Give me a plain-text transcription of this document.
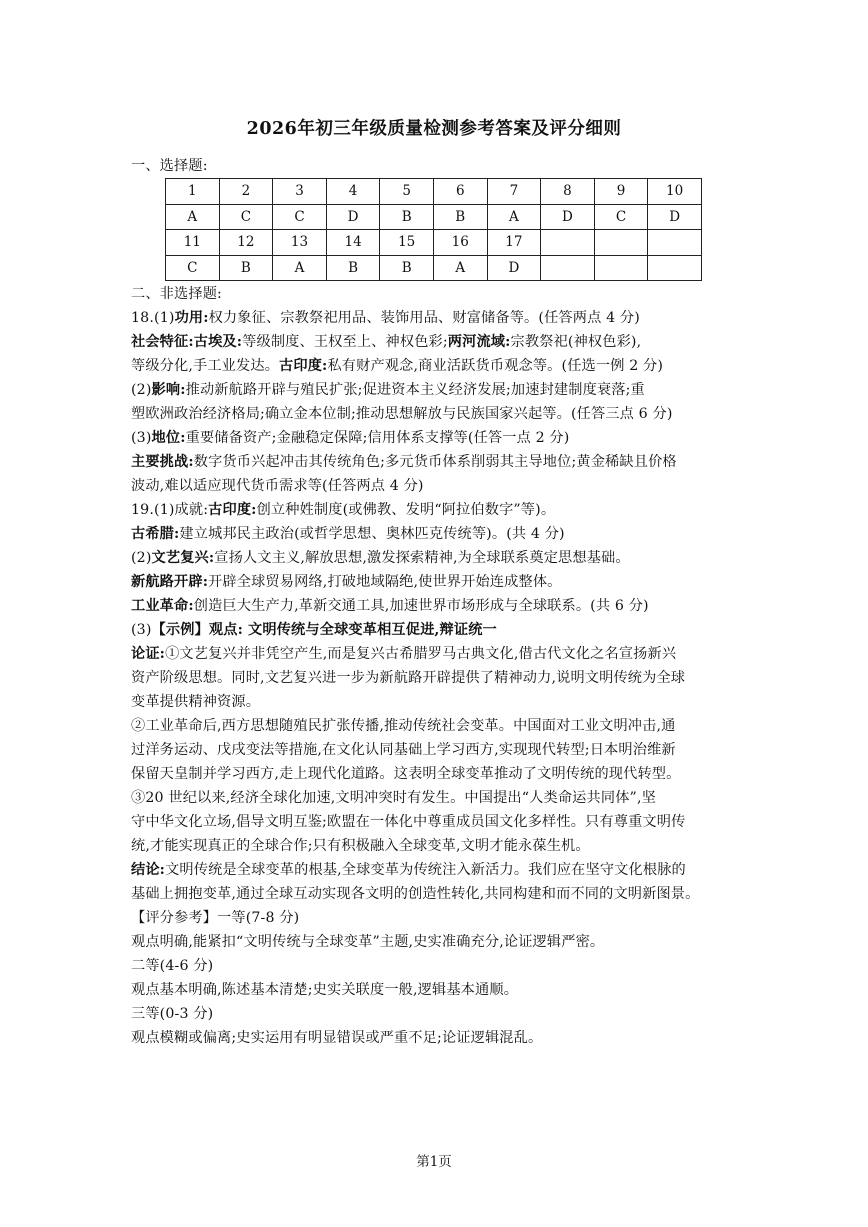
2026年初三年级质量检测参考答案及评分细则
一、选择题:
1	2	3	4	5	6	7	8	9	10
A	C	C	D	B	B	A	D	C	D
11	12	13	14	15	16	17			
C	B	A	B	B	A	D			
二、非选择题:
18.(1)功用:权力象征、宗教祭祀用品、装饰用品、财富储备等。(任答两点 4 分)
社会特征:古埃及:等级制度、王权至上、神权色彩;两河流域:宗教祭祀(神权色彩),
等级分化,手工业发达。古印度:私有财产观念,商业活跃货币观念等。(任选一例 2 分)
(2)影响:推动新航路开辟与殖民扩张;促进资本主义经济发展;加速封建制度衰落;重
塑欧洲政治经济格局;确立金本位制;推动思想解放与民族国家兴起等。(任答三点 6 分)
(3)地位:重要储备资产;金融稳定保障;信用体系支撑等(任答一点 2 分)
主要挑战:数字货币兴起冲击其传统角色;多元货币体系削弱其主导地位;黄金稀缺且价格
波动,难以适应现代货币需求等(任答两点 4 分)
19.(1)成就:古印度:创立种姓制度(或佛教、发明“阿拉伯数字”等)。
古希腊:建立城邦民主政治(或哲学思想、奥林匹克传统等)。(共 4 分)
(2)文艺复兴:宣扬人文主义,解放思想,激发探索精神,为全球联系奠定思想基础。
新航路开辟:开辟全球贸易网络,打破地域隔绝,使世界开始连成整体。
工业革命:创造巨大生产力,革新交通工具,加速世界市场形成与全球联系。(共 6 分)
(3)【示例】观点: 文明传统与全球变革相互促进,辩证统一
论证:①文艺复兴并非凭空产生,而是复兴古希腊罗马古典文化,借古代文化之名宣扬新兴
资产阶级思想。同时,文艺复兴进一步为新航路开辟提供了精神动力,说明文明传统为全球
变革提供精神资源。
②工业革命后,西方思想随殖民扩张传播,推动传统社会变革。中国面对工业文明冲击,通
过洋务运动、戊戌变法等措施,在文化认同基础上学习西方,实现现代转型;日本明治维新
保留天皇制并学习西方,走上现代化道路。这表明全球变革推动了文明传统的现代转型。
③20 世纪以来,经济全球化加速,文明冲突时有发生。中国提出“人类命运共同体”,坚
守中华文化立场,倡导文明互鉴;欧盟在一体化中尊重成员国文化多样性。只有尊重文明传
统,才能实现真正的全球合作;只有积极融入全球变革,文明才能永葆生机。
结论:文明传统是全球变革的根基,全球变革为传统注入新活力。我们应在坚守文化根脉的
基础上拥抱变革,通过全球互动实现各文明的创造性转化,共同构建和而不同的文明新图景。
【评分参考】一等(7-8 分)
观点明确,能紧扣“文明传统与全球变革”主题,史实准确充分,论证逻辑严密。
二等(4-6 分)
观点基本明确,陈述基本清楚;史实关联度一般,逻辑基本通顺。
三等(0-3 分)
观点模糊或偏离;史实运用有明显错误或严重不足;论证逻辑混乱。
第1页
